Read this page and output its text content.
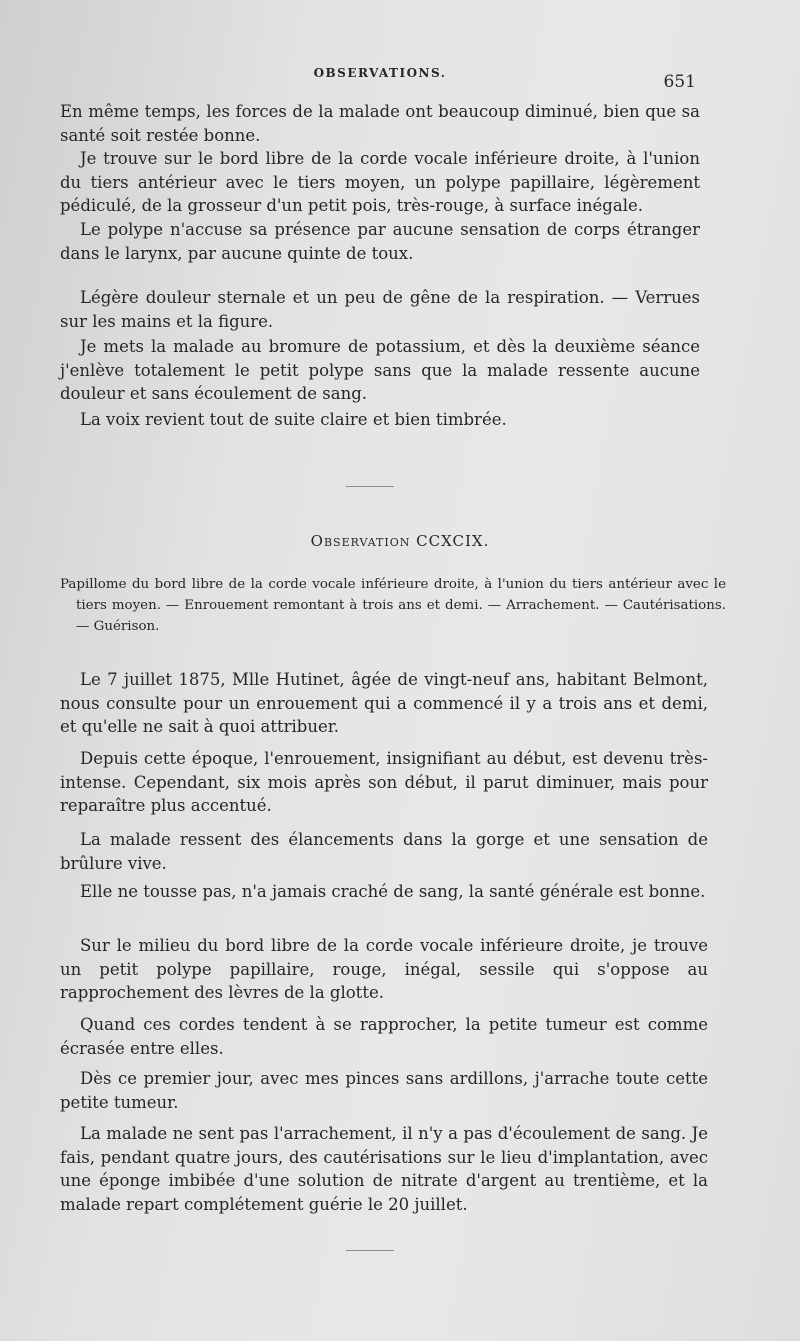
OBSERVATIONS.	651

En même temps, les forces de la malade ont beaucoup diminué, bien que sa santé soit restée bonne.

Je trouve sur le bord libre de la corde vocale inférieure droite, à l'union du tiers antérieur avec le tiers moyen, un polype papillaire, légèrement pédiculé, de la grosseur d'un petit pois, très-rouge, à surface inégale.

Le polype n'accuse sa présence par aucune sensation de corps étranger dans le larynx, par aucune quinte de toux.

Légère douleur sternale et un peu de gêne de la respiration. — Verrues sur les mains et la figure.

Je mets la malade au bromure de potassium, et dès la deuxième séance j'enlève totalement le petit polype sans que la malade ressente aucune douleur et sans écoulement de sang.

La voix revient tout de suite claire et bien timbrée.

Observation CCXCIX.

Papillome du bord libre de la corde vocale inférieure droite, à l'union du tiers antérieur avec le tiers moyen. — Enrouement remontant à trois ans et demi. — Arrachement. — Cautérisations. — Guérison.

Le 7 juillet 1875, Mlle Hutinet, âgée de vingt-neuf ans, habitant Belmont, nous consulte pour un enrouement qui a commencé il y a trois ans et demi, et qu'elle ne sait à quoi attribuer.

Depuis cette époque, l'enrouement, insignifiant au début, est devenu très-intense. Cependant, six mois après son début, il parut diminuer, mais pour reparaître plus accentué.

La malade ressent des élancements dans la gorge et une sensation de brûlure vive.

Elle ne tousse pas, n'a jamais craché de sang, la santé générale est bonne.

Sur le milieu du bord libre de la corde vocale inférieure droite, je trouve un petit polype papillaire, rouge, inégal, sessile qui s'oppose au rapprochement des lèvres de la glotte.

Quand ces cordes tendent à se rapprocher, la petite tumeur est comme écrasée entre elles.

Dès ce premier jour, avec mes pinces sans ardillons, j'arrache toute cette petite tumeur.

La malade ne sent pas l'arrachement, il n'y a pas d'écoulement de sang. Je fais, pendant quatre jours, des cautérisations sur le lieu d'implantation, avec une éponge imbibée d'une solution de nitrate d'argent au trentième, et la malade repart complétement guérie le 20 juillet.
